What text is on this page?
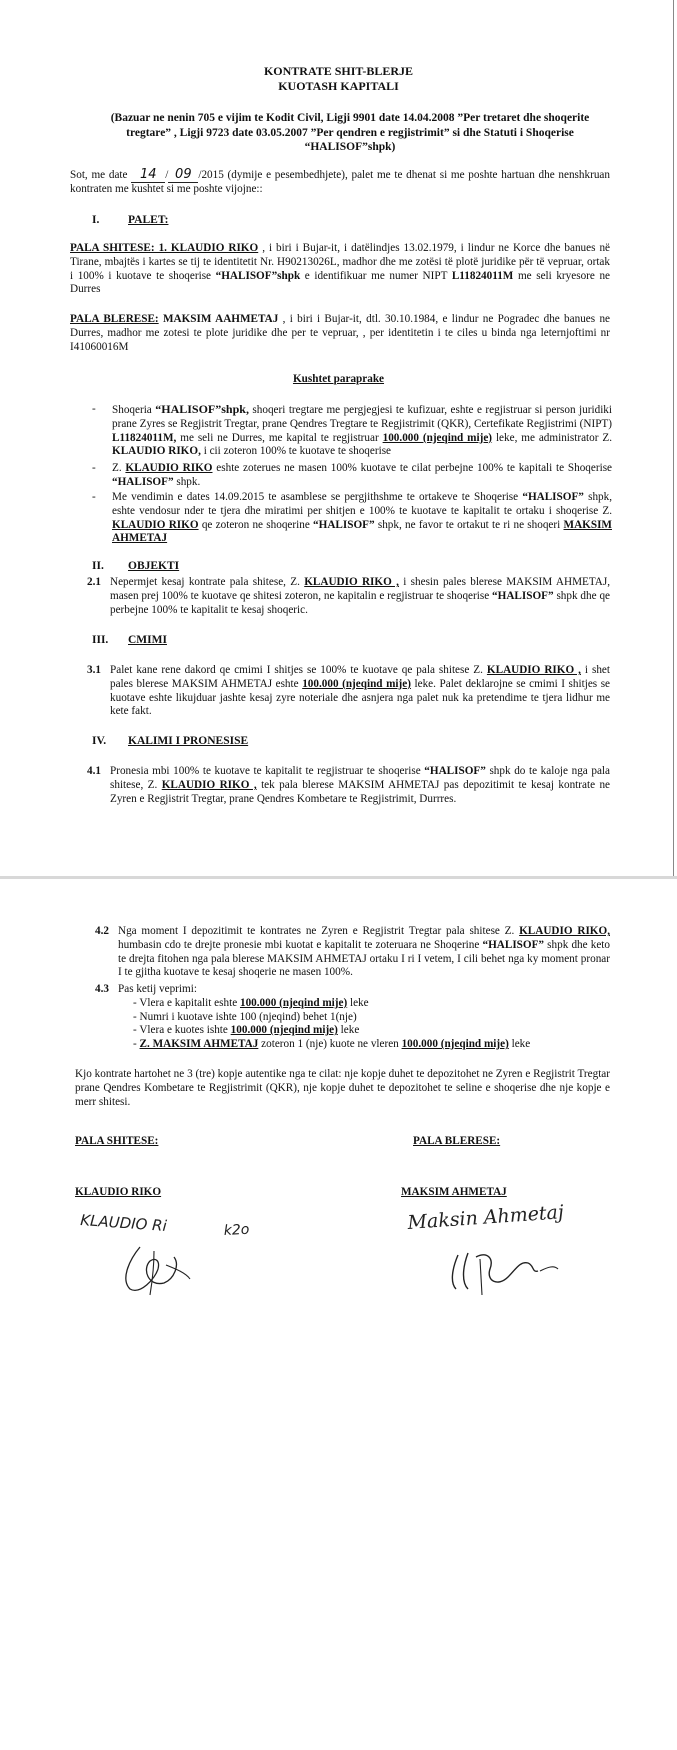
KONTRATE SHIT-BLERJE
KUOTASH KAPITALI
(Bazuar ne nenin 705 e vijim te Kodit Civil, Ligji 9901 date 14.04.2008 ”Per tretaret dhe shoqerite tregtare” , Ligji 9723 date 03.05.2007 ”Per qendren e regjistrimit” si dhe Statuti i Shoqerise “HALISOF”shpk)
Sot, me date 14 / 09 /2015 (dymije e pesembedhjete), palet me te dhenat si me poshte hartuan dhe nenshkruan kontraten me kushtet si me poshte vijojne::
I. PALET:
PALA SHITESE: 1. KLAUDIO RIKO , i biri i Bujar-it, i datëlindjes 13.02.1979, i lindur ne Korce dhe banues në Tirane, mbajtës i kartes se tij te identitetit Nr. H90213026L, madhor dhe me zotësi të plotë juridike për të vepruar, ortak i 100% i kuotave te shoqerise “HALISOF”shpk e identifikuar me numer NIPT L11824011M me seli kryesore ne Durres
PALA BLERESE: MAKSIM AAHMETAJ , i biri i Bujar-it, dtl. 30.10.1984, e lindur ne Pogradec dhe banues ne Durres, madhor me zotesi te plote juridike dhe per te vepruar, , per identitetin i te ciles u binda nga leternjoftimi nr I41060016M
Kushtet paraprake
- Shoqeria “HALISOF”shpk, shoqeri tregtare me pergjegjesi te kufizuar, eshte e regjistruar si person juridiki prane Zyres se Regjistrit Tregtar, prane Qendres Tregtare te Regjistrimit (QKR), Certefikate Regjistrimi (NIPT) L11824011M, me seli ne Durres, me kapital te regjistruar 100.000 (njeqind mije) leke, me administrator Z. KLAUDIO RIKO, i cii zoteron 100% te kuotave te shoqerise
- Z. KLAUDIO RIKO eshte zoterues ne masen 100% kuotave te cilat perbejne 100% te kapitali te Shoqerise “HALISOF” shpk.
- Me vendimin e dates 14.09.2015 te asamblese se pergjithshme te ortakeve te Shoqerise “HALISOF” shpk, eshte vendosur nder te tjera dhe miratimi per shitjen e 100% te kuotave te kapitalit te ortaku i shoqerise Z. KLAUDIO RIKO qe zoteron ne shoqerine “HALISOF” shpk, ne favor te ortakut te ri ne shoqeri MAKSIM AHMETAJ
II. OBJEKTI
2.1 Nepermjet kesaj kontrate pala shitese, Z. KLAUDIO RIKO , i shesin pales blerese MAKSIM AHMETAJ, masen prej 100% te kuotave qe shitesi zoteron, ne kapitalin e regjistruar te shoqerise “HALISOF” shpk dhe qe perbejne 100% te kapitalit te kesaj shoqeric.
III. CMIMI
3.1 Palet kane rene dakord qe cmimi I shitjes se 100% te kuotave qe pala shitese Z. KLAUDIO RIKO , i shet pales blerese MAKSIM AHMETAJ eshte 100.000 (njeqind mije) leke. Palet deklarojne se cmimi I shitjes se kuotave eshte likujduar jashte kesaj zyre noteriale dhe asnjera nga palet nuk ka pretendime te tjera lidhur me kete fakt.
IV. KALIMI I PRONESISE
4.1 Pronesia mbi 100% te kuotave te kapitalit te regjistruar te shoqerise “HALISOF” shpk do te kaloje nga pala shitese, Z. KLAUDIO RIKO , tek pala blerese MAKSIM AHMETAJ pas depozitimit te kesaj kontrate ne Zyren e Regjistrit Tregtar, prane Qendres Kombetare te Regjistrimit, Durrres.
4.2 Nga moment I depozitimit te kontrates ne Zyren e Regjistrit Tregtar pala shitese Z. KLAUDIO RIKO, humbasin cdo te drejte pronesie mbi kuotat e kapitalit te zoteruara ne Shoqerine “HALISOF” shpk dhe keto te drejta fitohen nga pala blerese MAKSIM AHMETAJ ortaku I ri I vetem, I cili behet nga ky moment pronar I te gjitha kuotave te kesaj shoqerie ne masen 100%.
4.3 Pas ketij veprimi:
- Vlera e kapitalit eshte 100.000 (njeqind mije) leke
- Numri i kuotave ishte 100 (njeqind) behet 1(nje)
- Vlera e kuotes ishte 100.000 (njeqind mije) leke
- Z. MAKSIM AHMETAJ zoteron 1 (nje) kuote ne vleren 100.000 (njeqind mije) leke
Kjo kontrate hartohet ne 3 (tre) kopje autentike nga te cilat: nje kopje duhet te depozitohet ne Zyren e Regjistrit Tregtar prane Qendres Kombetare te Regjistrimit (QKR), nje kopje duhet te depozitohet te seline e shoqerise dhe nje kopje e merr shitesi.
PALA SHITESE:	PALA BLERESE:
KLAUDIO RIKO	MAKSIM AHMETAJ
KLAUDIO Ri	k2o	Maksin Ahmetaj
